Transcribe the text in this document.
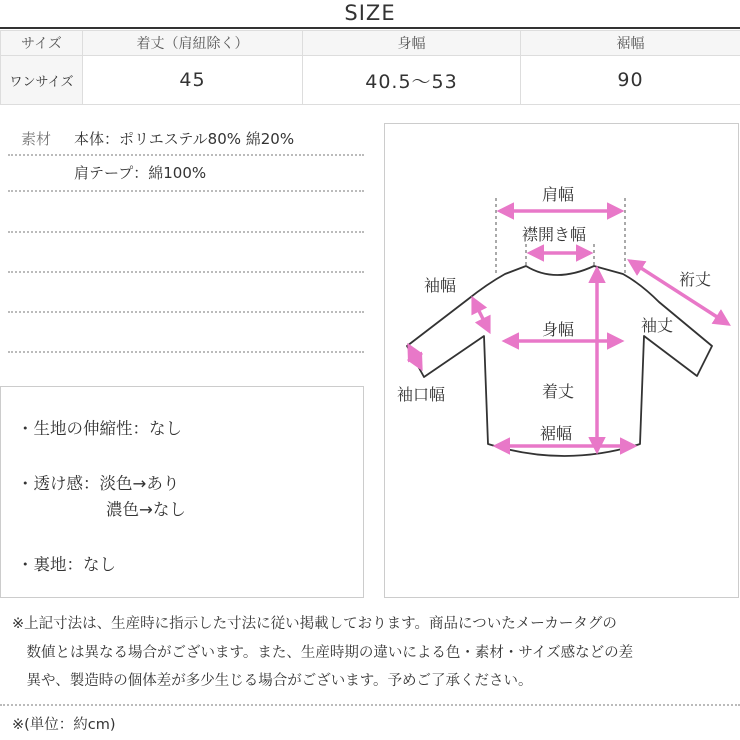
SIZE
サイズ	着丈（肩紐除く）	身幅	裾幅
ワンサイズ	45	40.5～53	90
素材 本体：ポリエステル80% 綿20%
肩テープ：綿100%
・生地の伸縮性：なし
・透け感：淡色→あり
濃色→なし
・裏地：なし
肩幅
襟開き幅
裄丈
袖幅
袖丈
身幅
袖口幅	着丈
裾幅
※上記寸法は、生産時に指示した寸法に従い掲載しております。商品についたメーカータグの
　数値とは異なる場合がございます。また、生産時期の違いによる色・素材・サイズ感などの差
　異や、製造時の個体差が多少生じる場合がございます。予めご了承ください。
※(単位：約cm)
